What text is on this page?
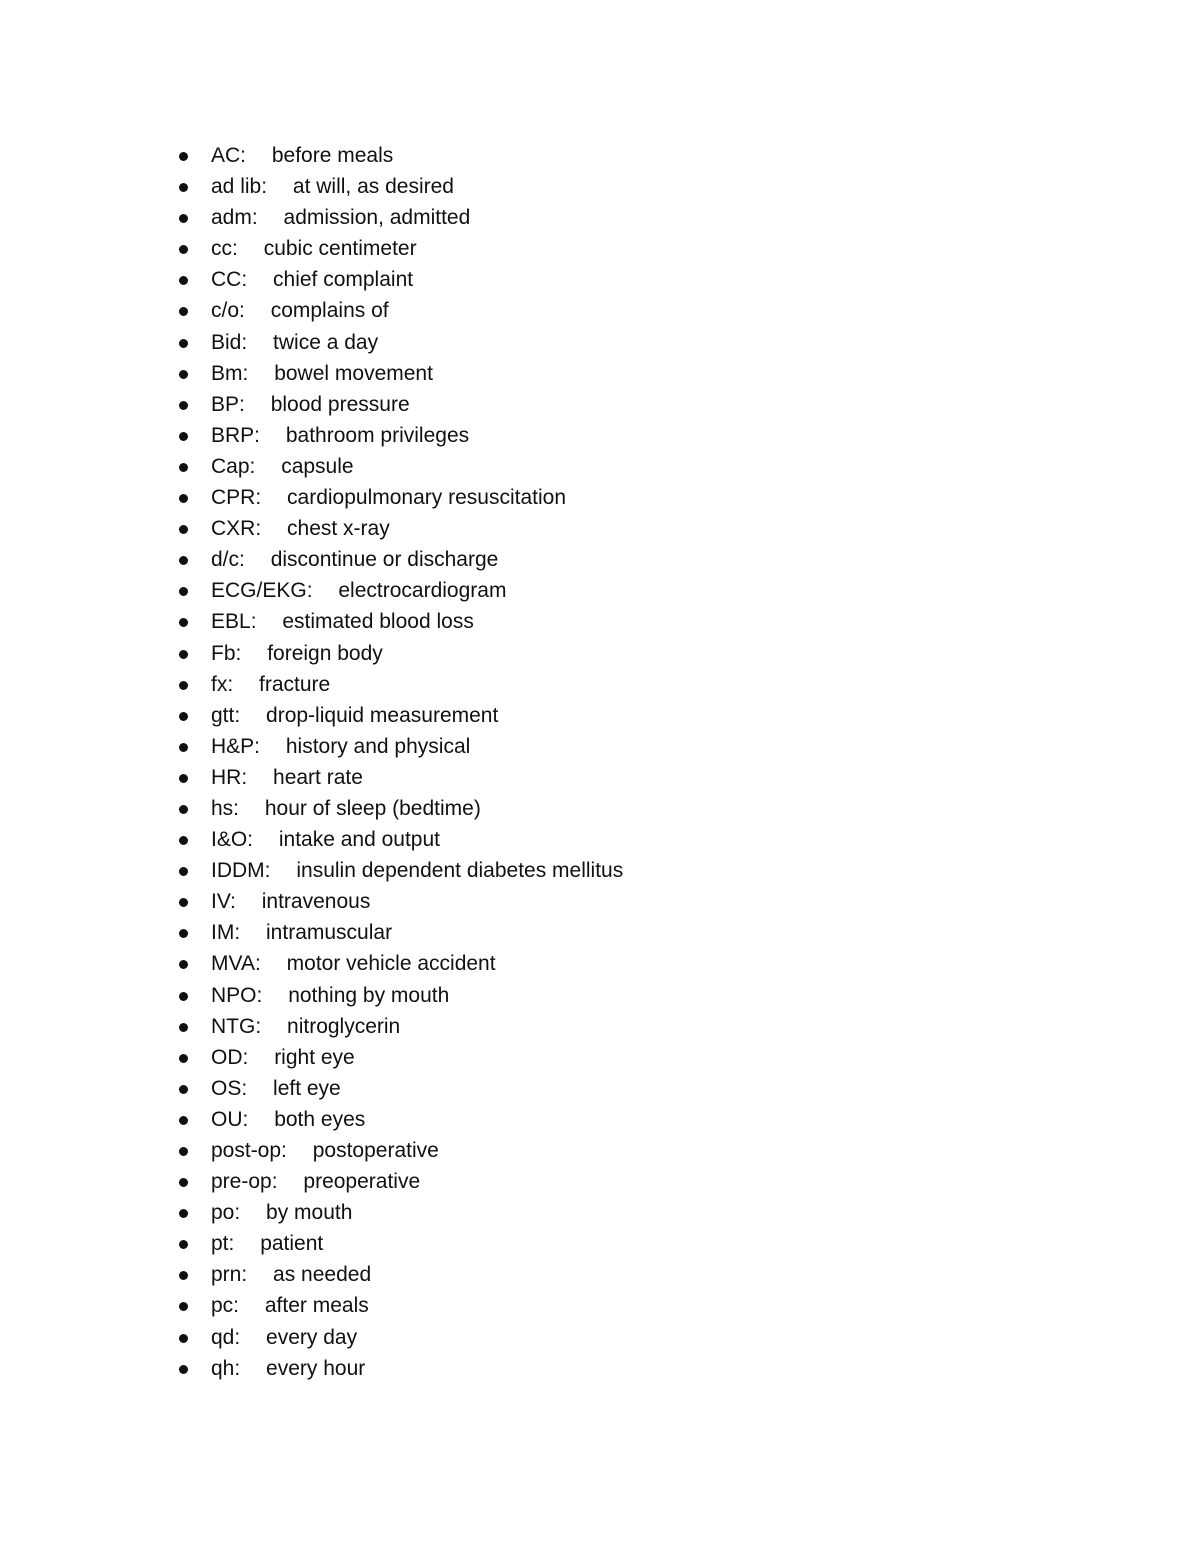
AC: before meals
ad lib: at will, as desired
adm: admission, admitted
cc: cubic centimeter
CC: chief complaint
c/o: complains of
Bid: twice a day
Bm: bowel movement
BP: blood pressure
BRP: bathroom privileges
Cap: capsule
CPR: cardiopulmonary resuscitation
CXR: chest x-ray
d/c: discontinue or discharge
ECG/EKG: electrocardiogram
EBL: estimated blood loss
Fb: foreign body
fx: fracture
gtt: drop-liquid measurement
H&P: history and physical
HR: heart rate
hs: hour of sleep (bedtime)
I&O: intake and output
IDDM: insulin dependent diabetes mellitus
IV: intravenous
IM: intramuscular
MVA: motor vehicle accident
NPO: nothing by mouth
NTG: nitroglycerin
OD: right eye
OS: left eye
OU: both eyes
post-op: postoperative
pre-op: preoperative
po: by mouth
pt: patient
prn: as needed
pc: after meals
qd: every day
qh: every hour
